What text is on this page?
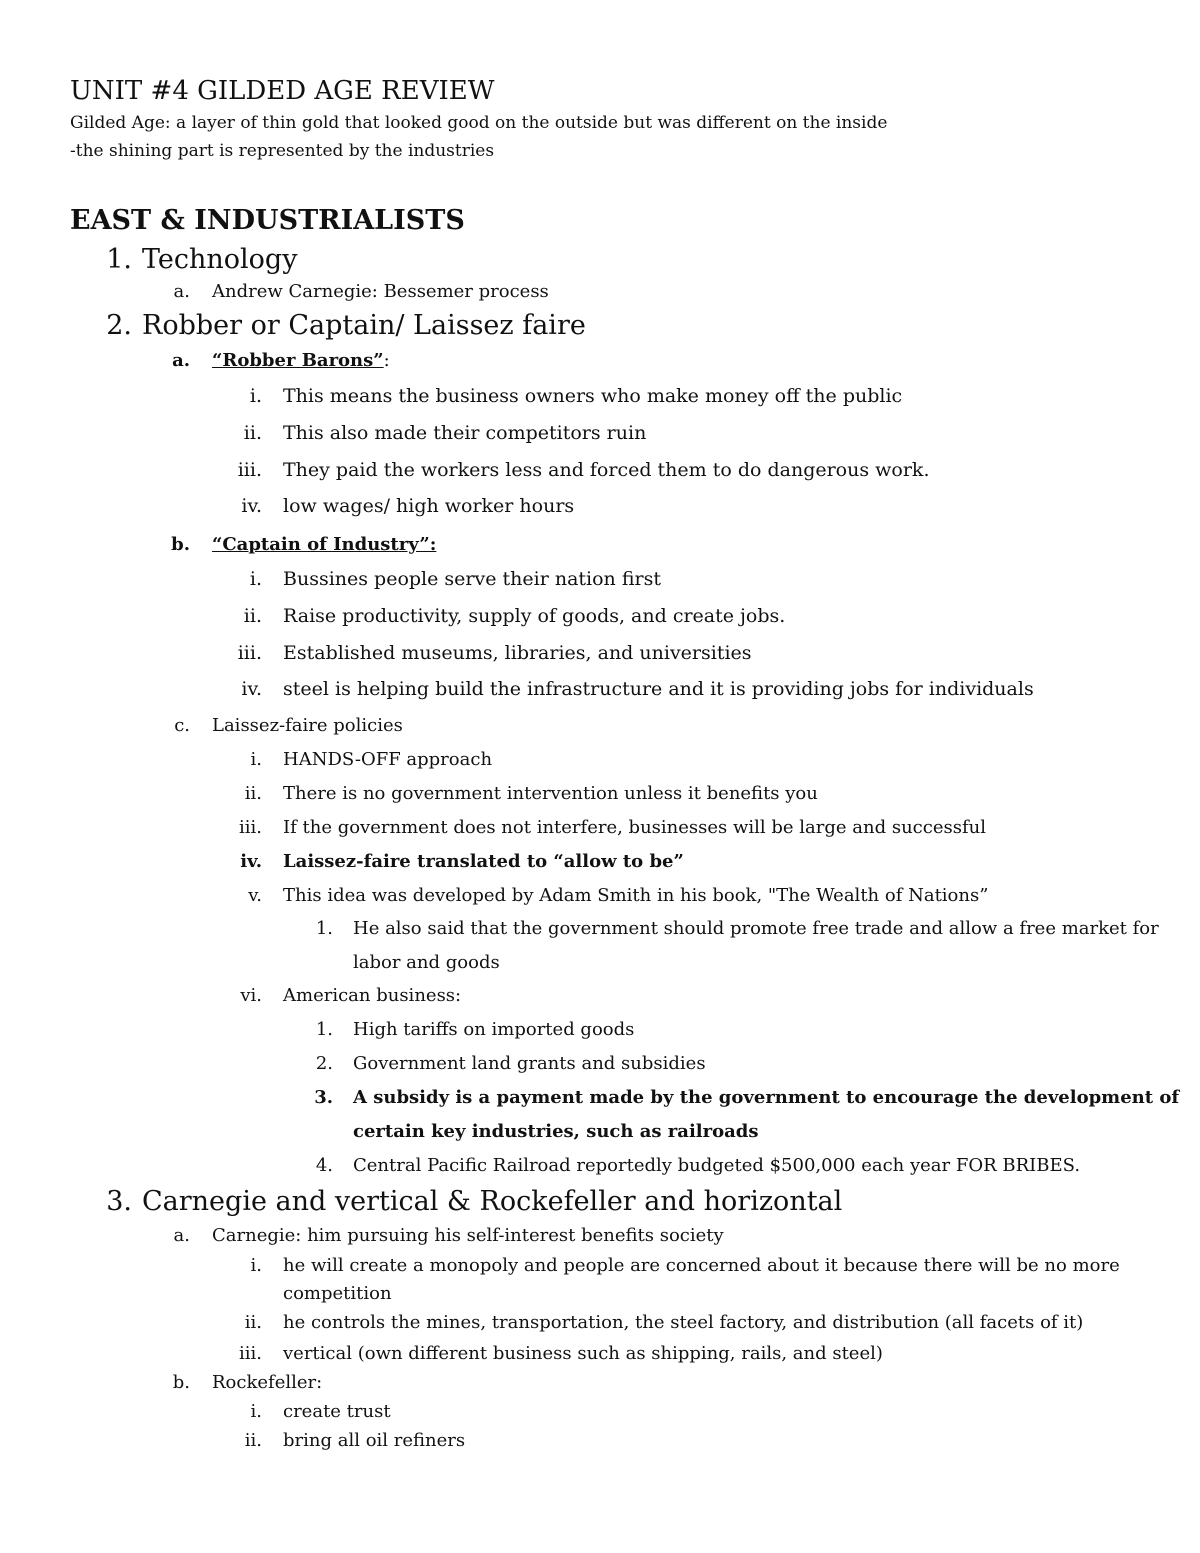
UNIT #4 GILDED AGE REVIEW
Gilded Age: a layer of thin gold that looked good on the outside but was different on the inside
-the shining part is represented by the industries
EAST & INDUSTRIALISTS
1. Technology
a. Andrew Carnegie: Bessemer process
2. Robber or Captain/ Laissez faire
a. “Robber Barons”:
i. This means the business owners who make money off the public
ii. This also made their competitors ruin
iii. They paid the workers less and forced them to do dangerous work.
iv. low wages/ high worker hours
b. “Captain of Industry”:
i. Bussines people serve their nation first
ii. Raise productivity, supply of goods, and create jobs.
iii. Established museums, libraries, and universities
iv. steel is helping build the infrastructure and it is providing jobs for individuals
c. Laissez-faire policies
i. HANDS-OFF approach
ii. There is no government intervention unless it benefits you
iii. If the government does not interfere, businesses will be large and successful
iv. Laissez-faire translated to “allow to be”
v. This idea was developed by Adam Smith in his book, "The Wealth of Nations”
1. He also said that the government should promote free trade and allow a free market for
labor and goods
vi. American business:
1. High tariffs on imported goods
2. Government land grants and subsidies
3. A subsidy is a payment made by the government to encourage the development of
certain key industries, such as railroads
4. Central Pacific Railroad reportedly budgeted $500,000 each year FOR BRIBES.
3. Carnegie and vertical & Rockefeller and horizontal
a. Carnegie: him pursuing his self-interest benefits society
i. he will create a monopoly and people are concerned about it because there will be no more
competition
ii. he controls the mines, transportation, the steel factory, and distribution (all facets of it)
iii. vertical (own different business such as shipping, rails, and steel)
b. Rockefeller:
i. create trust
ii. bring all oil refiners
